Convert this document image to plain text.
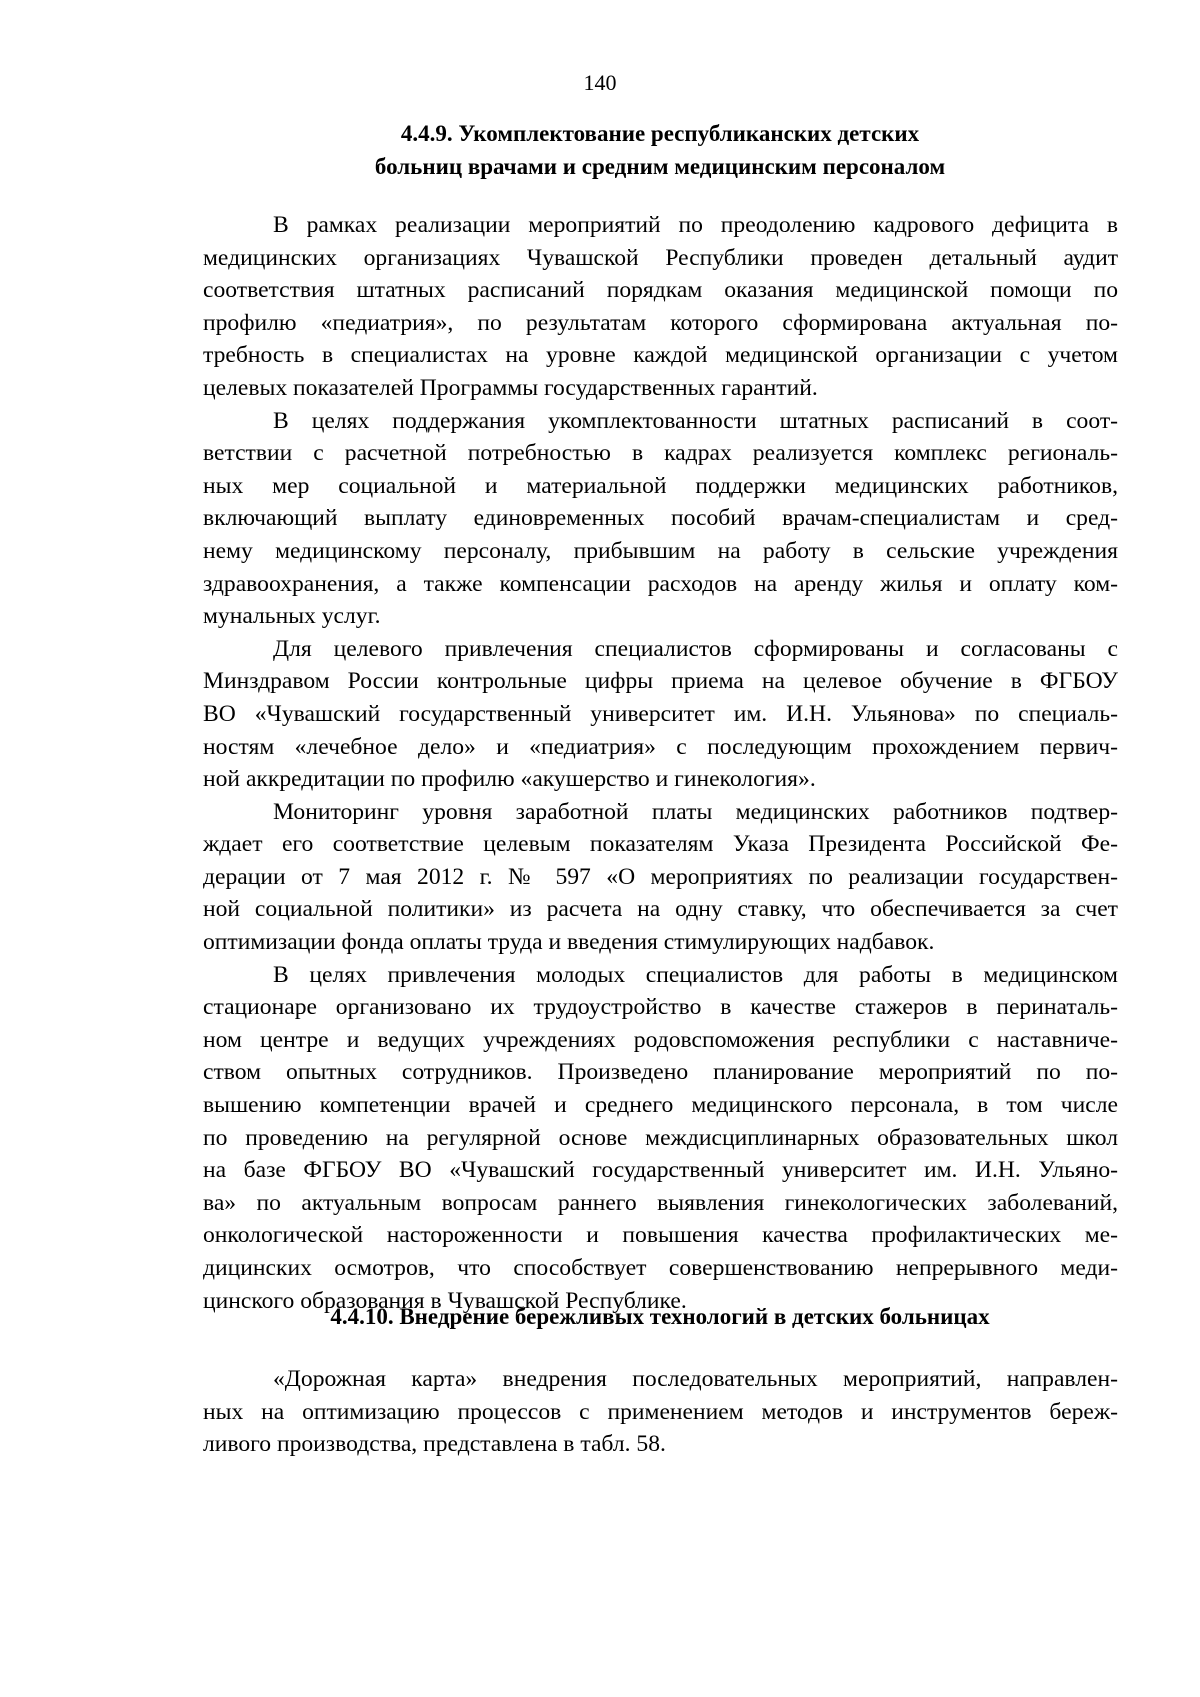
140
4.4.9. Укомплектование республиканских детских
больниц врачами и средним медицинским персоналом

В рамках реализации мероприятий по преодолению кадрового дефицита в
медицинских организациях Чувашской Республики проведен детальный аудит
соответствия штатных расписаний порядкам оказания медицинской помощи по
профилю «педиатрия», по результатам которого сформирована актуальная по-
требность в специалистах на уровне каждой медицинской организации с учетом
целевых показателей Программы государственных гарантий.

В целях поддержания укомплектованности штатных расписаний в соот-
ветствии с расчетной потребностью в кадрах реализуется комплекс региональ-
ных мер социальной и материальной поддержки медицинских работников,
включающий выплату единовременных пособий врачам-специалистам и сред-
нему медицинскому персоналу, прибывшим на работу в сельские учреждения
здравоохранения, а также компенсации расходов на аренду жилья и оплату ком-
мунальных услуг.

Для целевого привлечения специалистов сформированы и согласованы с
Минздравом России контрольные цифры приема на целевое обучение в ФГБОУ
ВО «Чувашский государственный университет им. И.Н. Ульянова» по специаль-
ностям «лечебное дело» и «педиатрия» с последующим прохождением первич-
ной аккредитации по профилю «акушерство и гинекология».

Мониторинг уровня заработной платы медицинских работников подтвер-
ждает его соответствие целевым показателям Указа Президента Российской Фе-
дерации от 7 мая 2012 г. № 597 «О мероприятиях по реализации государствен-
ной социальной политики» из расчета на одну ставку, что обеспечивается за счет
оптимизации фонда оплаты труда и введения стимулирующих надбавок.

В целях привлечения молодых специалистов для работы в медицинском
стационаре организовано их трудоустройство в качестве стажеров в перинаталь-
ном центре и ведущих учреждениях родовспоможения республики с наставниче-
ством опытных сотрудников. Произведено планирование мероприятий по по-
вышению компетенции врачей и среднего медицинского персонала, в том числе
по проведению на регулярной основе междисциплинарных образовательных школ
на базе ФГБОУ ВО «Чувашский государственный университет им. И.Н. Ульяно-
ва» по актуальным вопросам раннего выявления гинекологических заболеваний,
онкологической настороженности и повышения качества профилактических ме-
дицинских осмотров, что способствует совершенствованию непрерывного меди-
цинского образования в Чувашской Республике.

4.4.10. Внедрение бережливых технологий в детских больницах

«Дорожная карта» внедрения последовательных мероприятий, направлен-
ных на оптимизацию процессов с применением методов и инструментов береж-
ливого производства, представлена в табл. 58.
